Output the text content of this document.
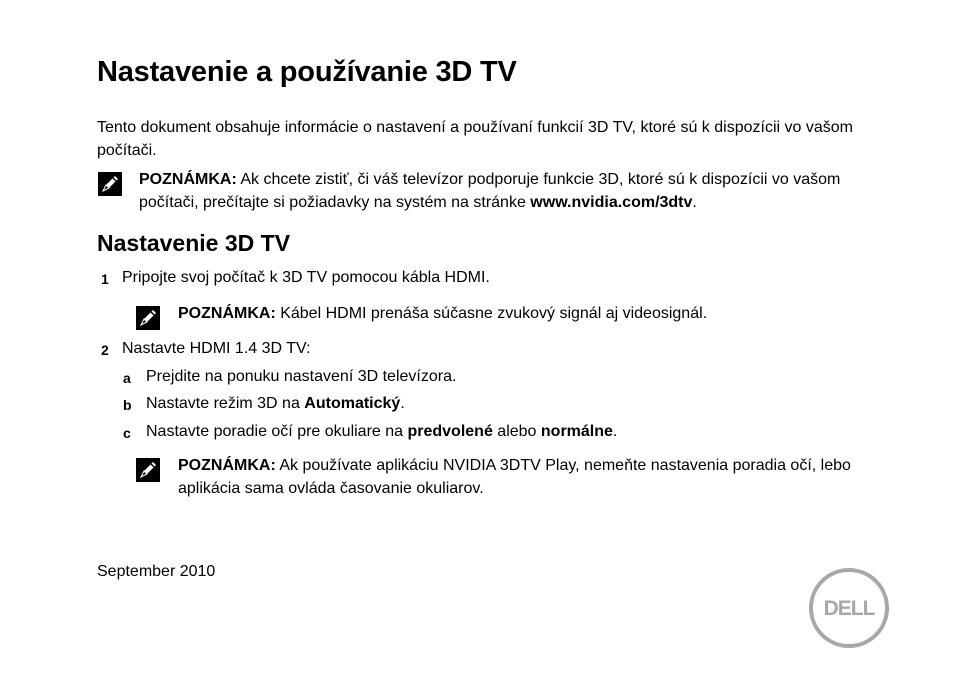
Nastavenie a používanie 3D TV

Tento dokument obsahuje informácie o nastavení a používaní funkcií 3D TV, ktoré sú k dispozícii vo vašom počítači.

POZNÁMKA: Ak chcete zistiť, či váš televízor podporuje funkcie 3D, ktoré sú k dispozícii vo vašom počítači, prečítajte si požiadavky na systém na stránke www.nvidia.com/3dtv.

Nastavenie 3D TV
1 Pripojte svoj počítač k 3D TV pomocou kábla HDMI.

POZNÁMKA: Kábel HDMI prenáša súčasne zvukový signál aj videosignál.

2 Nastavte HDMI 1.4 3D TV:

a Prejdite na ponuku nastavení 3D televízora.

b Nastavte režim 3D na Automatický.

c Nastavte poradie očí pre okuliare na predvolené alebo normálne.

POZNÁMKA: Ak používate aplikáciu NVIDIA 3DTV Play, nemeňte nastavenia poradia očí, lebo aplikácia sama ovláda časovanie okuliarov.

September 2010

DELL
